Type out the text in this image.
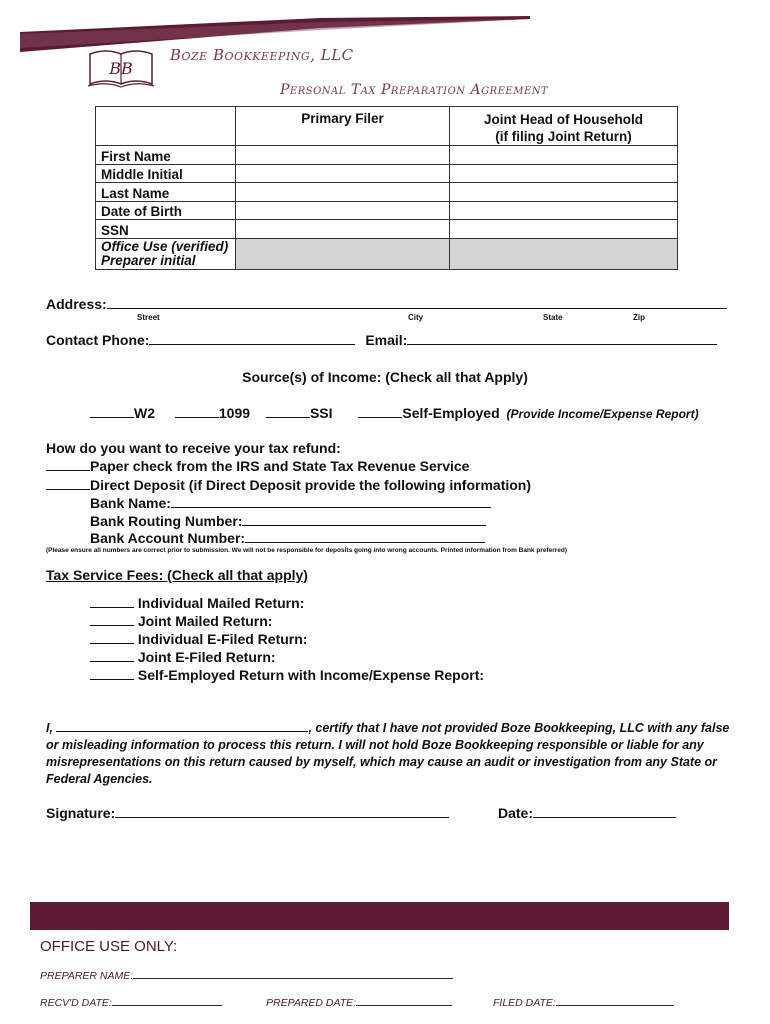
BB
Boze Bookkeeping, LLC
Personal Tax Preparation Agreement
	Primary Filer	Joint Head of Household
(if filing Joint Return)

First Name		
Middle Initial		
Last Name		
Date of Birth		
SSN		

Office Use (verified)
Preparer initial		

Address:
Street	City	State	Zip
Contact Phone:	Email:
Source(s) of Income: (Check all that Apply)
W2	1099	SSI	Self-Employed (Provide Income/Expense Report)
How do you want to receive your tax refund:
Paper check from the IRS and State Tax Revenue Service
Direct Deposit (if Direct Deposit provide the following information)
Bank Name:
Bank Routing Number:
Bank Account Number:
(Please ensure all numbers are correct prior to submission. We will not be responsible for deposits going into wrong accounts. Printed information from Bank preferred)
Tax Service Fees: (Check all that apply)
Individual Mailed Return:
Joint Mailed Return:
Individual E-Filed Return:
Joint E-Filed Return:
Self-Employed Return with Income/Expense Report:
I,	, certify that I have not provided Boze Bookkeeping, LLC with any false or misleading information to process this return. I will not hold Boze Bookkeeping responsible or liable for any misrepresentations on this return caused by myself, which may cause an audit or investigation from any State or Federal Agencies.
Signature:	Date:
OFFICE USE ONLY:
PREPARER NAME:
RECV'D DATE:	PREPARED DATE:	FILED DATE:
